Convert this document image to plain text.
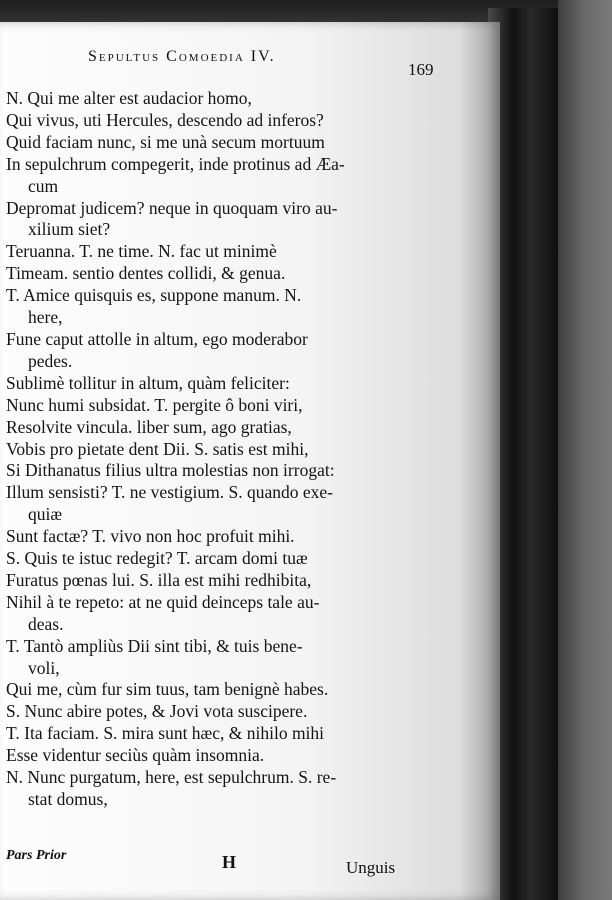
Sepultus Comoedia IV.
169
N. Qui me alter est audacior homo,
Qui vivus, uti Hercules, descendo ad inferos?
Quid faciam nunc, si me unà secum mortuum
In sepulchrum compegerit, inde protinus ad Æa-
cum
Depromat judicem? neque in quoquam viro au-
xilium siet?
Teruanna. T. ne time. N. fac ut minimè
Timeam. sentio dentes collidi, & genua.
T. Amice quisquis es, suppone manum. N.
here,
Fune caput attolle in altum, ego moderabor
pedes.
Sublimè tollitur in altum, quàm feliciter:
Nunc humi subsidat. T. pergite ô boni viri,
Resolvite vincula. liber sum, ago gratias,
Vobis pro pietate dent Dii. S. satis est mihi,
Si Dithanatus filius ultra molestias non irrogat:
Illum sensisti? T. ne vestigium. S. quando exe-
quiæ
Sunt factæ? T. vivo non hoc profuit mihi.
S. Quis te istuc redegit? T. arcam domi tuæ
Furatus pœnas lui. S. illa est mihi redhibita,
Nihil à te repeto: at ne quid deinceps tale au-
deas.
T. Tantò ampliùs Dii sint tibi, & tuis bene-
voli,
Qui me, cùm fur sim tuus, tam benignè habes.
S. Nunc abire potes, & Jovi vota suscipere.
T. Ita faciam. S. mira sunt hæc, & nihilo mihi
Esse videntur seciùs quàm insomnia.
N. Nunc purgatum, here, est sepulchrum. S. re-
stat domus,
Pars Prior	H	Unguis
